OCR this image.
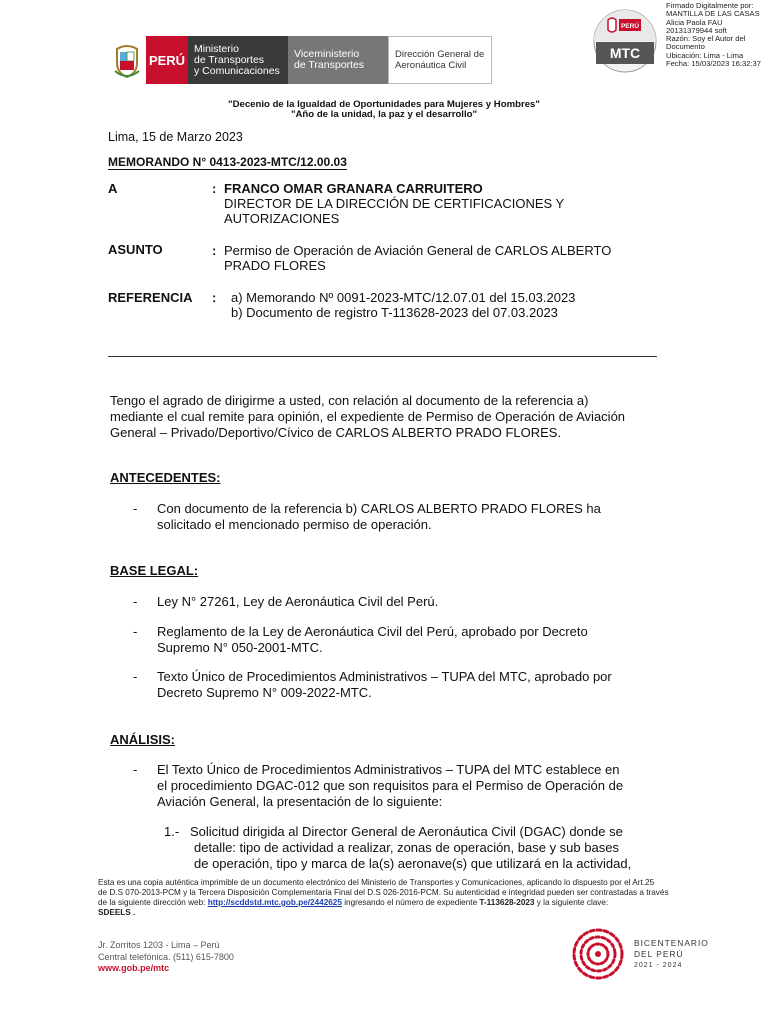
PERÚ
Ministerio
de Transportes
y Comunicaciones
Viceministerio
de Transportes
Dirección General de
Aeronáutica Civil
PERÚ
MTC
Firmado Digitalmente por:
MANTILLA DE LAS CASAS
Alicia Paola FAU
20131379944 soft
Razón: Soy el Autor del
Documento
Ubicación: Lima - Lima
Fecha: 15/03/2023 16:32:37
"Decenio de la Igualdad de Oportunidades para Mujeres y Hombres"
"Año de la unidad, la paz y el desarrollo"
Lima, 15 de Marzo 2023
MEMORANDO N° 0413-2023-MTC/12.00.03
A	: FRANCO OMAR GRANARA CARRUITERO
DIRECTOR DE LA DIRECCIÓN DE CERTIFICACIONES Y
AUTORIZACIONES
ASUNTO	: Permiso de Operación de Aviación General de CARLOS ALBERTO
PRADO FLORES
REFERENCIA : a) Memorando Nº 0091-2023-MTC/12.07.01 del 15.03.2023
b) Documento de registro T-113628-2023 del 07.03.2023
Tengo el agrado de dirigirme a usted, con relación al documento de la referencia a)
mediante el cual remite para opinión, el expediente de Permiso de Operación de Aviación
General – Privado/Deportivo/Cívico de CARLOS ALBERTO PRADO FLORES.
ANTECEDENTES:
- Con documento de la referencia b) CARLOS ALBERTO PRADO FLORES ha
solicitado el mencionado permiso de operación.
BASE LEGAL:
- Ley N° 27261, Ley de Aeronáutica Civil del Perú.
- Reglamento de la Ley de Aeronáutica Civil del Perú, aprobado por Decreto
Supremo N° 050-2001-MTC.
- Texto Único de Procedimientos Administrativos – TUPA del MTC, aprobado por
Decreto Supremo N° 009-2022-MTC.
ANÁLISIS:
- El Texto Único de Procedimientos Administrativos – TUPA del MTC establece en
el procedimiento DGAC-012 que son requisitos para el Permiso de Operación de
Aviación General, la presentación de lo siguiente:
1.- Solicitud dirigida al Director General de Aeronáutica Civil (DGAC) donde se
detalle: tipo de actividad a realizar, zonas de operación, base y sub bases
de operación, tipo y marca de la(s) aeronave(s) que utilizará en la actividad,
Esta es una copia auténtica imprimible de un documento electrónico del Ministerio de Transportes y Comunicaciones, aplicando lo dispuesto por el Art.25
de D.S 070-2013-PCM y la Tercera Disposición Complementaria Final del D.S 026-2016-PCM. Su autenticidad e integridad pueden ser contrastadas a través
de la siguiente dirección web: http://scddstd.mtc.gob.pe/2442625 ingresando el número de expediente T-113628-2023 y la siguiente clave:
SDEELS .
Jr. Zorritos 1203 - Lima – Perú
Central telefónica. (511) 615-7800
www.gob.pe/mtc
BICENTENARIO
DEL PERÚ
2021 - 2024
